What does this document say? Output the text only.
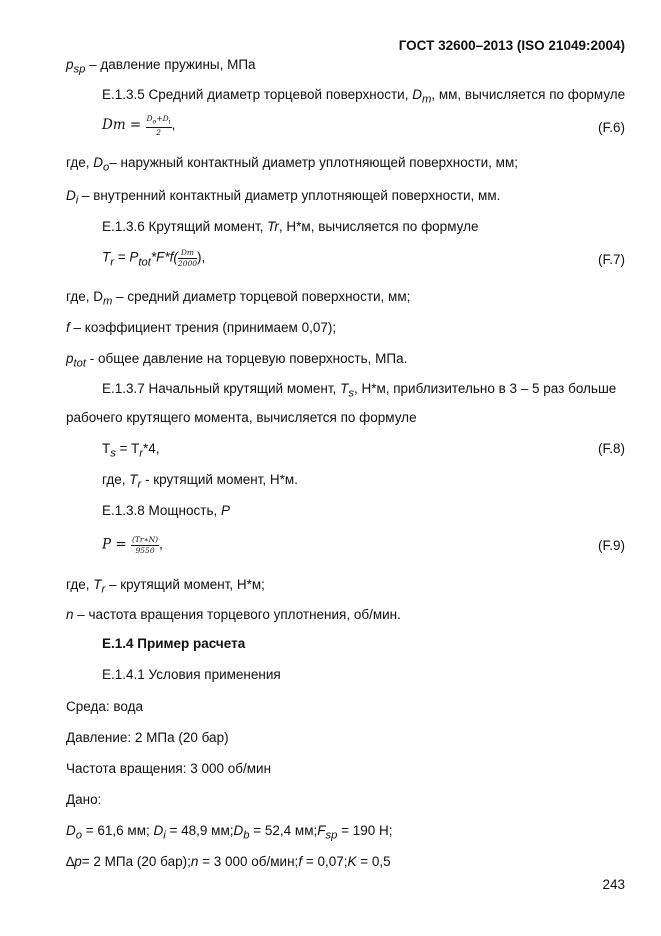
ГОСТ 32600–2013 (ISO 21049:2004)
$p_{sp}$ – давление пружины, МПа
Е.1.3.5 Средний диаметр торцевой поверхности, $D_m$, мм, вычисляется по формуле
$Dm = \frac{D_o+D_i}{2}$ ,	(F.6)
где, $D_o-$ наружный контактный диаметр уплотняющей поверхности, мм;
$D_i$ – внутренний контактный диаметр уплотняющей поверхности, мм.
Е.1.3.6 Крутящий момент, Tr, Н*м, вычисляется по формуле
$T_r = P_{tot}*F*f( \frac{Dm}{2000}$ ),	(F.7)
где, $D_m$ – средний диаметр торцевой поверхности, мм;
f – коэффициент трения (принимаем 0,07);
$p_{tot}$ - общее давление на торцевую поверхность, МПа.
Е.1.3.7 Начальный крутящий момент, $T_s$, Н*м, приблизительно в 3 – 5 раз больше
рабочего крутящего момента, вычисляется по формуле
$T_s = T_r*4$,	(F.8)
где, $T_r$ - крутящий момент, Н*м.
Е.1.3.8 Мощность, P
$P = \frac{(Tr∗N)}{9550}$ ,	(F.9)
где, $T_r$ – крутящий момент, Н*м;
n – частота вращения торцевого уплотнения, об/мин.
Е.1.4 Пример расчета
Е.1.4.1 Условия применения
Среда: вода
Давление: 2 МПа (20 бар)
Частота вращения: 3 000 об/мин
Дано:
$D_o = 61,6$ мм; $D_i = 48,9$ $мм;D_b = 52,4$ $мм;F_{sp} = 190$ Н;
∆p= 2 МПа (20 бар);n = 3 000 об/мин;f = 0,07;K = 0,5
243
